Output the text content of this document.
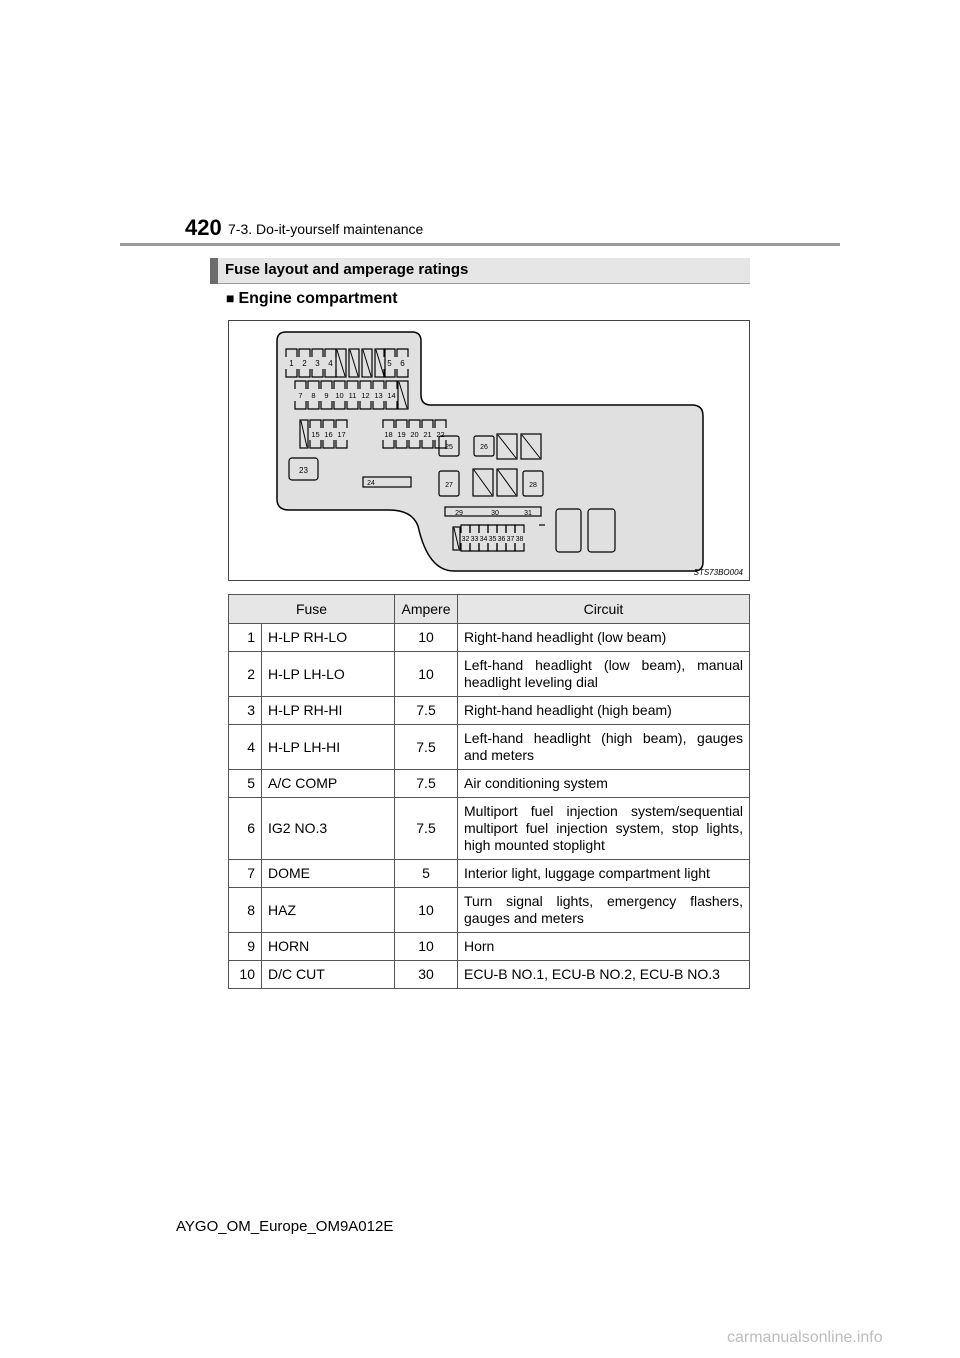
420 7-3. Do-it-yourself maintenance
Fuse layout and amperage ratings
■ Engine compartment
1 2 3 4	5 6
7 8 9 10 11 12 13 14
15 16 17	18 19 20 21 22
23
24
25	26
27	28
29	30	31
32 33 34 35 36 37 38
STS73BO004
Fuse		Ampere	Circuit
1	H-LP RH-LO	10	Right-hand headlight (low beam)
2	H-LP LH-LO	10	Left-hand headlight (low beam), manual headlight leveling dial
3	H-LP RH-HI	7.5	Right-hand headlight (high beam)
4	H-LP LH-HI	7.5	Left-hand headlight (high beam), gauges and meters
5	A/C COMP	7.5	Air conditioning system
6	IG2 NO.3	7.5	Multiport fuel injection system/sequential multiport fuel injection system, stop lights, high mounted stoplight
7	DOME	5	Interior light, luggage compartment light
8	HAZ	10	Turn signal lights, emergency flashers, gauges and meters
9	HORN	10	Horn
10	D/C CUT	30	ECU-B NO.1, ECU-B NO.2, ECU-B NO.3
AYGO_OM_Europe_OM9A012E
carmanualsonline.info
